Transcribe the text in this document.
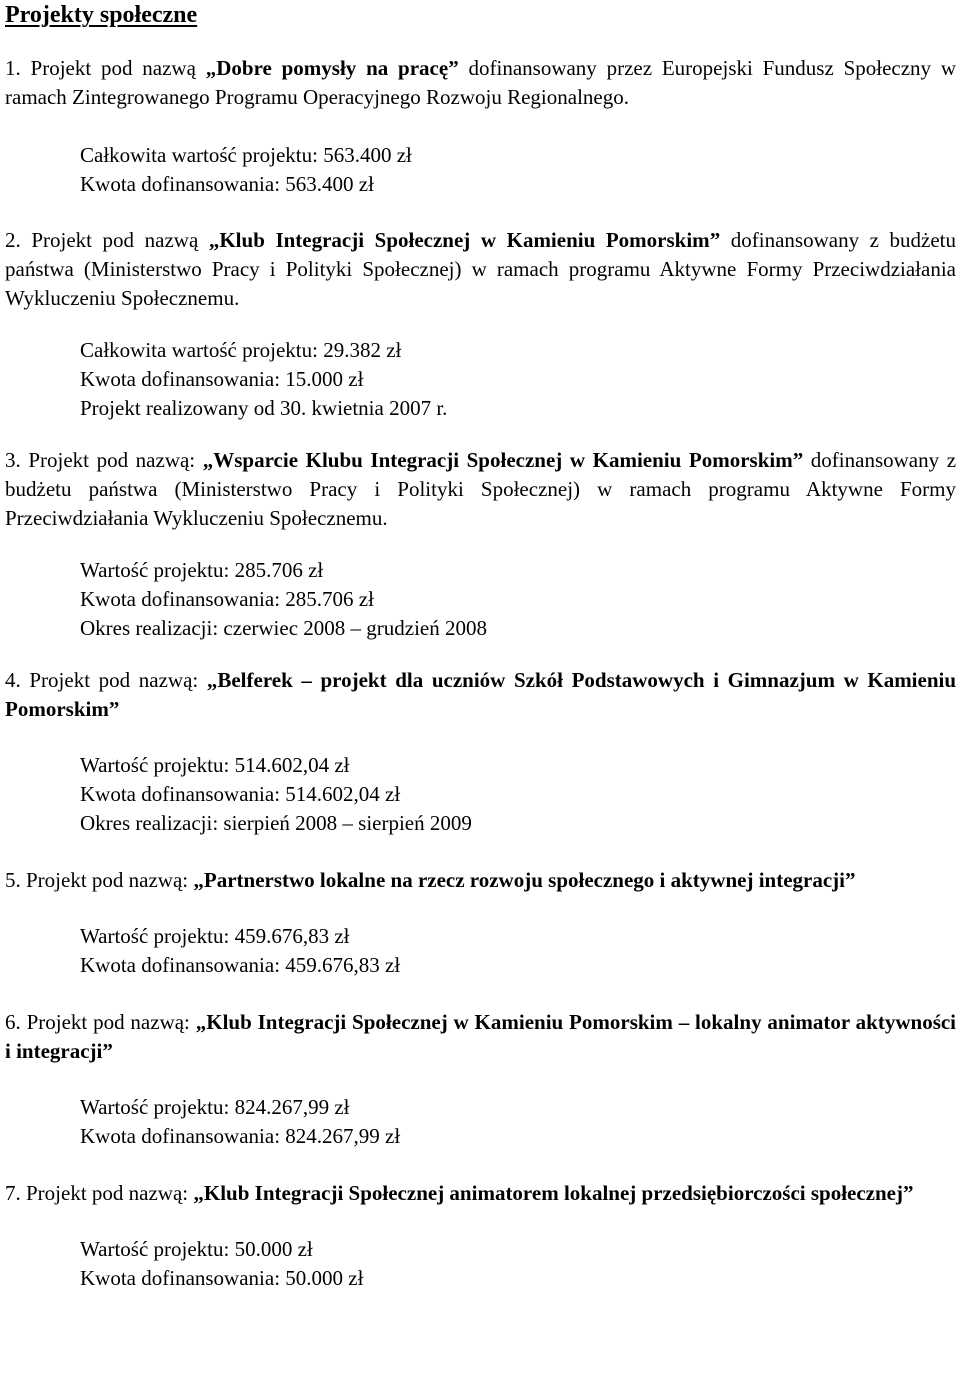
Projekty społeczne

1. Projekt pod nazwą „Dobre pomysły na pracę” dofinansowany przez Europejski Fundusz Społeczny w ramach Zintegrowanego Programu Operacyjnego Rozwoju Regionalnego.

Całkowita wartość projektu: 563.400 zł
Kwota dofinansowania: 563.400 zł

2. Projekt pod nazwą „Klub Integracji Społecznej w Kamieniu Pomorskim” dofinansowany z budżetu państwa (Ministerstwo Pracy i Polityki Społecznej) w ramach programu Aktywne Formy Przeciwdziałania Wykluczeniu Społecznemu.

Całkowita wartość projektu: 29.382 zł
Kwota dofinansowania: 15.000 zł
Projekt realizowany od 30. kwietnia 2007 r.

3. Projekt pod nazwą: „Wsparcie Klubu Integracji Społecznej w Kamieniu Pomorskim” dofinansowany z budżetu państwa (Ministerstwo Pracy i Polityki Społecznej) w ramach programu Aktywne Formy Przeciwdziałania Wykluczeniu Społecznemu.

Wartość projektu: 285.706 zł
Kwota dofinansowania: 285.706 zł
Okres realizacji: czerwiec 2008 – grudzień 2008

4. Projekt pod nazwą: „Belferek – projekt dla uczniów Szkół Podstawowych i Gimnazjum w Kamieniu Pomorskim”

Wartość projektu: 514.602,04 zł
Kwota dofinansowania: 514.602,04 zł
Okres realizacji: sierpień 2008 – sierpień 2009

5. Projekt pod nazwą: „Partnerstwo lokalne na rzecz rozwoju społecznego i aktywnej integracji”

Wartość projektu: 459.676,83 zł
Kwota dofinansowania: 459.676,83 zł

6. Projekt pod nazwą: „Klub Integracji Społecznej w Kamieniu Pomorskim – lokalny animator aktywności i integracji”

Wartość projektu: 824.267,99 zł
Kwota dofinansowania: 824.267,99 zł

7. Projekt pod nazwą: „Klub Integracji Społecznej animatorem lokalnej przedsiębiorczości społecznej”

Wartość projektu: 50.000 zł
Kwota dofinansowania: 50.000 zł
